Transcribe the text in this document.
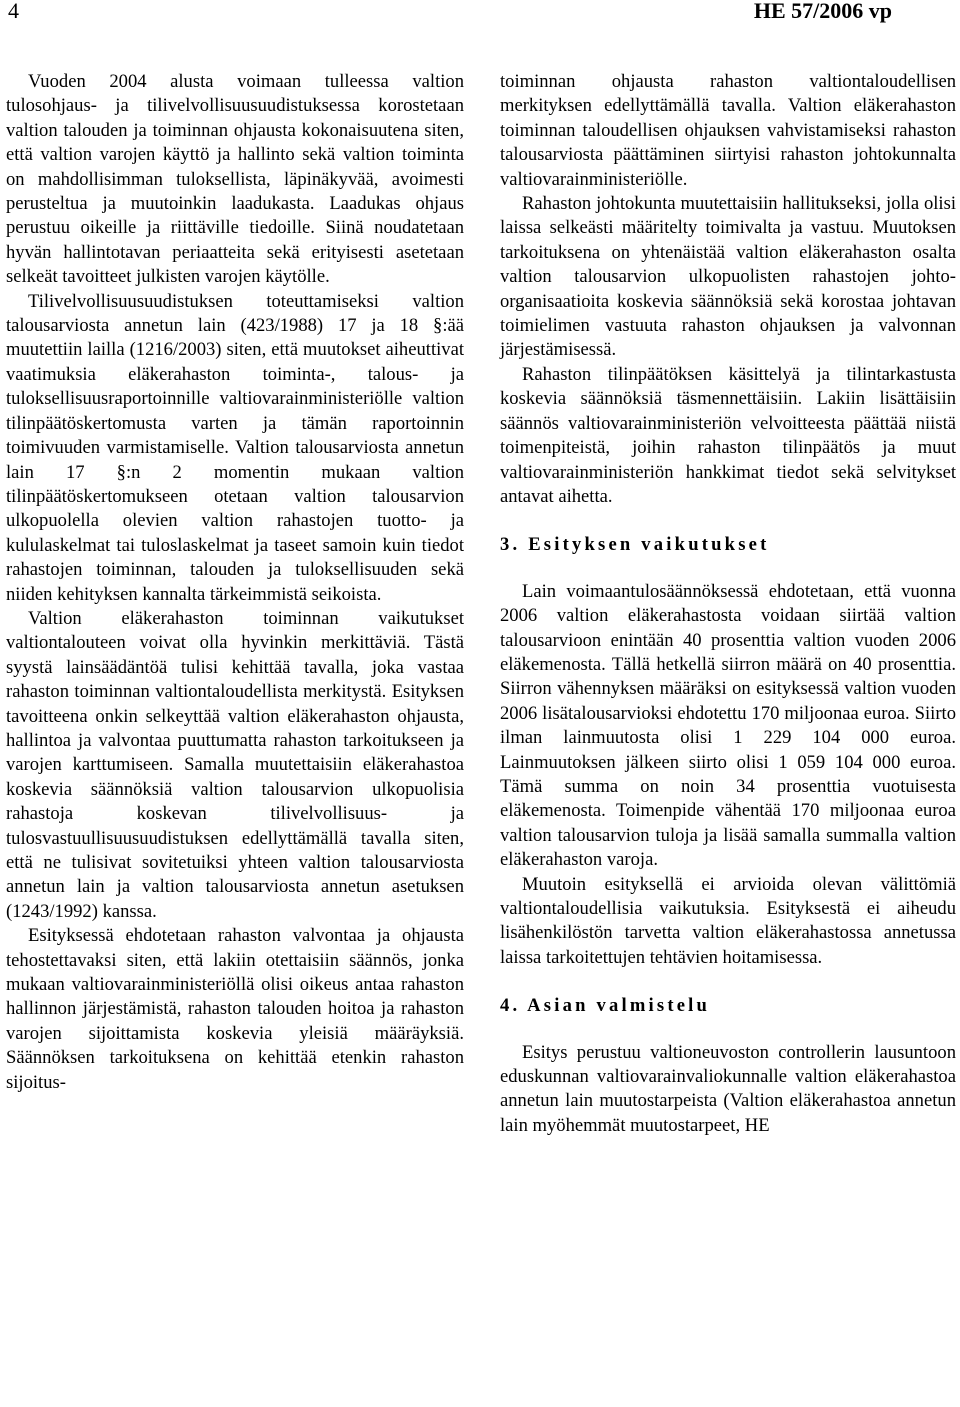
4	HE 57/2006 vp

Vuoden 2004 alusta voimaan tulleessa valtion tulosohjaus- ja tilivelvollisuusuudistuksessa korostetaan valtion talouden ja toiminnan ohjausta kokonaisuutena siten, että valtion varojen käyttö ja hallinto sekä valtion toiminta on mahdollisimman tuloksellista, läpinäkyvää, avoimesti perusteltua ja muutoinkin laadukasta. Laadukas ohjaus perustuu oikeille ja riittäville tiedoille. Siinä noudatetaan hyvän hallintotavan periaatteita sekä erityisesti asetetaan selkeät tavoitteet julkisten varojen käytölle.

Tilivelvollisuusuudistuksen toteuttamiseksi valtion talousarviosta annetun lain (423/1988) 17 ja 18 §:ää muutettiin lailla (1216/2003) siten, että muutokset aiheuttivat vaatimuksia eläkerahaston toiminta-, talous- ja tuloksellisuusraportoinnille valtiovarainministeriölle valtion tilinpäätöskertomusta varten ja tämän raportoinnin toimivuuden varmistamiselle. Valtion talousarviosta annetun lain 17 §:n 2 momentin mukaan valtion tilinpäätöskertomukseen otetaan valtion talousarvion ulkopuolella olevien valtion rahastojen tuotto- ja kululaskelmat tai tuloslaskelmat ja taseet samoin kuin tiedot rahastojen toiminnan, talouden ja tuloksellisuuden sekä niiden kehityksen kannalta tärkeimmistä seikoista.

Valtion eläkerahaston toiminnan vaikutukset valtiontalouteen voivat olla hyvinkin merkittäviä. Tästä syystä lainsäädäntöä tulisi kehittää tavalla, joka vastaa rahaston toiminnan valtiontaloudellista merkitystä. Esityksen tavoitteena onkin selkeyttää valtion eläkerahaston ohjausta, hallintoa ja valvontaa puuttumatta rahaston tarkoitukseen ja varojen karttumiseen. Samalla muutettaisiin eläkerahastoa koskevia säännöksiä valtion talousarvion ulkopuolisia rahastoja koskevan tilivelvollisuus- ja tulosvastuullisuusuudistuksen edellyttämällä tavalla siten, että ne tulisivat sovitetuiksi yhteen valtion talousarviosta annetun lain ja valtion talousarviosta annetun asetuksen (1243/1992) kanssa.

Esityksessä ehdotetaan rahaston valvontaa ja ohjausta tehostettavaksi siten, että lakiin otettaisiin säännös, jonka mukaan valtiovarainministeriöllä olisi oikeus antaa rahaston hallinnon järjestämistä, rahaston talouden hoitoa ja rahaston varojen sijoittamista koskevia yleisiä määräyksiä. Säännöksen tarkoituksena on kehittää etenkin rahaston sijoitus-

toiminnan ohjausta rahaston valtiontaloudellisen merkityksen edellyttämällä tavalla. Valtion eläkerahaston toiminnan taloudellisen ohjauksen vahvistamiseksi rahaston talousarviosta päättäminen siirtyisi rahaston johtokunnalta valtiovarainministeriölle.

Rahaston johtokunta muutettaisiin hallitukseksi, jolla olisi laissa selkeästi määritelty toimivalta ja vastuu. Muutoksen tarkoituksena on yhtenäistää valtion eläkerahaston osalta valtion talousarvion ulkopuolisten rahastojen johto-organisaatioita koskevia säännöksiä sekä korostaa johtavan toimielimen vastuuta rahaston ohjauksen ja valvonnan järjestämisessä.

Rahaston tilinpäätöksen käsittelyä ja tilintarkastusta koskevia säännöksiä täsmennettäisiin. Lakiin lisättäisiin säännös valtiovarainministeriön velvoitteesta päättää niistä toimenpiteistä, joihin rahaston tilinpäätös ja muut valtiovarainministeriön hankkimat tiedot sekä selvitykset antavat aihetta.

3. Esityksen vaikutukset

Lain voimaantulosäännöksessä ehdotetaan, että vuonna 2006 valtion eläkerahastosta voidaan siirtää valtion talousarvioon enintään 40 prosenttia valtion vuoden 2006 eläkemenosta. Tällä hetkellä siirron määrä on 40 prosenttia. Siirron vähennyksen määräksi on esityksessä valtion vuoden 2006 lisätalousarvioksi ehdotettu 170 miljoonaa euroa. Siirto ilman lainmuutosta olisi 1 229 104 000 euroa. Lainmuutoksen jälkeen siirto olisi 1 059 104 000 euroa. Tämä summa on noin 34 prosenttia vuotuisesta eläkemenosta. Toimenpide vähentää 170 miljoonaa euroa valtion talousarvion tuloja ja lisää samalla summalla valtion eläkerahaston varoja.

Muutoin esityksellä ei arvioida olevan välittömiä valtiontaloudellisia vaikutuksia. Esityksestä ei aiheudu lisähenkilöstön tarvetta valtion eläkerahastossa annetussa laissa tarkoitettujen tehtävien hoitamisessa.

4. Asian valmistelu

Esitys perustuu valtioneuvoston controllerin lausuntoon eduskunnan valtiovarainvaliokunnalle valtion eläkerahastoa annetun lain muutostarpeista (Valtion eläkerahastoa annetun lain myöhemmät muutostarpeet, HE
